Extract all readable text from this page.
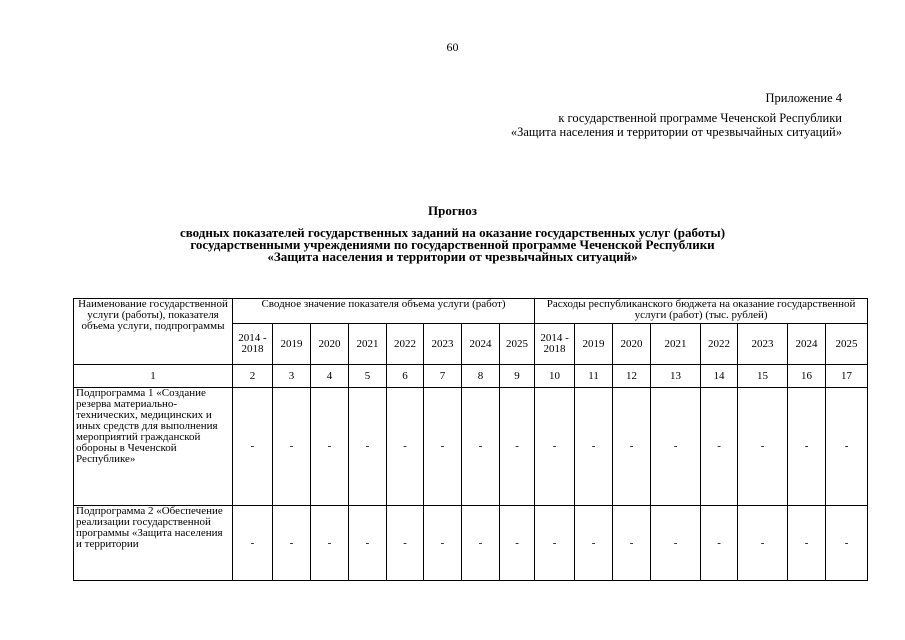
60
Приложение 4
к государственной программе Чеченской Республики
«Защита населения и территории от чрезвычайных ситуаций»
Прогноз
сводных показателей государственных заданий на оказание государственных услуг (работы)
государственными учреждениями по государственной программе Чеченской Республики
«Защита населения и территории от чрезвычайных ситуаций»
Наименование государственной услуги (работы), показателя объема услуги, подпрограммы	Сводное значение показателя объема услуги (работ)								Расходы республиканского бюджета на оказание государственной услуги (работ) (тыс. рублей)							
	2014 - 2018	2019	2020	2021	2022	2023	2024	2025	2014 - 2018	2019	2020	2021	2022	2023	2024	2025
1	2	3	4	5	6	7	8	9	10	11	12	13	14	15	16	17
Подпрограмма 1 «Создание резерва материально-технических, медицинских и иных средств для выполнения мероприятий гражданской обороны в Чеченской Республике»	-	-	-	-	-	-	-	-	-	-	-	-	-	-	-	-

Подпрограмма 2 «Обеспечение реализации государственной программы «Защита населения и территории	-	-	-	-	-	-	-	-	-	-	-	-	-	-	-	-
